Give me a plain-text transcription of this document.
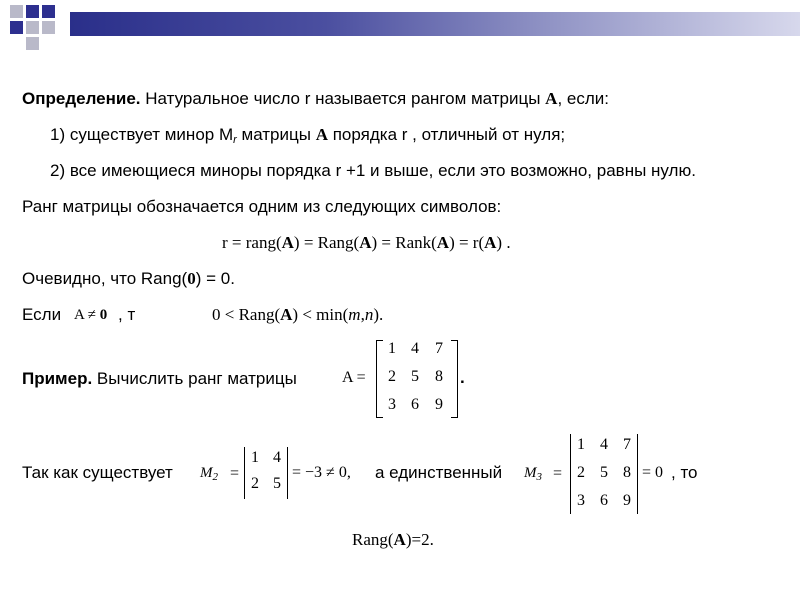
Определение. Натуральное число r называется рангом матрицы A, если:
1) существует минор $M_r$ матрицы A порядка r , отличный от нуля;
2) все имеющиеся миноры порядка r +1 и выше, если это возможно, равны нулю.
Ранг матрицы обозначается одним из следующих символов:
r = rang(A) = Rang(A) = Rank(A) = r(A) .
Очевидно, что Rang(0) = 0.
Если A ≠ 0 , т	0 < Rang(A) < min(m,n).
Пример. Вычислить ранг матрицы	A =
1 4	7
2 5	8
3 6	9
.
Так как существует $M_2$ =
1 4
2 5
= −3 ≠ 0, а единственный $M_3$ =
1 4 7
2 5 8
3 6 9
= 0 , то
Rang(A)=2.
